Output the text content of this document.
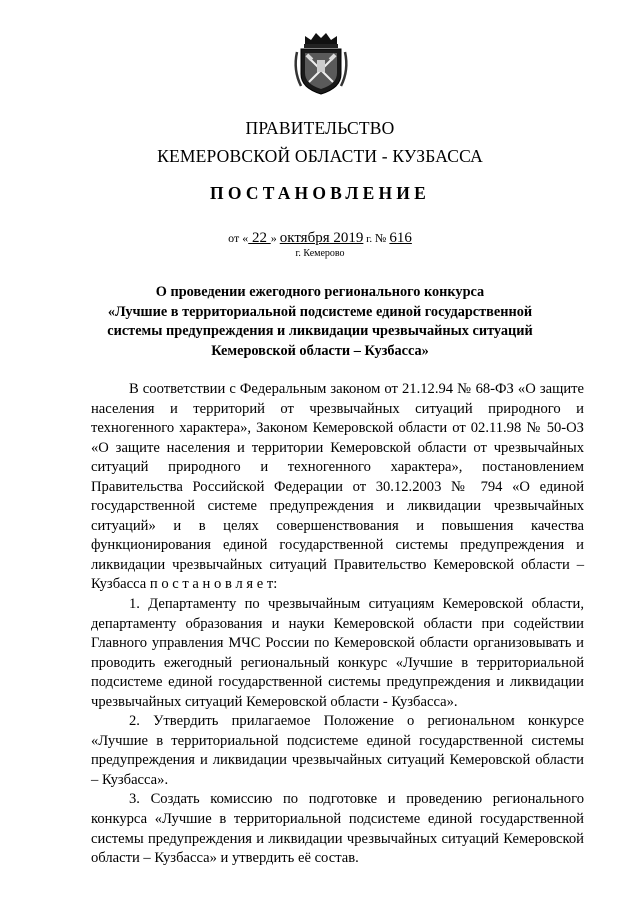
ПРАВИТЕЛЬСТВО
КЕМЕРОВСКОЙ ОБЛАСТИ - КУЗБАССА
ПОСТАНОВЛЕНИЕ
от « 22 » октября 2019 г. № 616
г. Кемерово
О проведении ежегодного регионального конкурса
«Лучшие в территориальной подсистеме единой государственной
системы предупреждения и ликвидации чрезвычайных ситуаций
Кемеровской области – Кузбасса»

В соответствии с Федеральным законом от 21.12.94 № 68-ФЗ «О защите населения и территорий от чрезвычайных ситуаций природного и техногенного характера», Законом Кемеровской области от 02.11.98 № 50-ОЗ «О защите населения и территории Кемеровской области от чрезвычайных ситуаций природного и техногенного характера», постановлением Правительства Российской Федерации от 30.12.2003 № 794 «О единой государственной системе предупреждения и ликвидации чрезвычайных ситуаций» и в целях совершенствования и повышения качества функционирования единой государственной системы предупреждения и ликвидации чрезвычайных ситуаций Правительство Кемеровской области – Кузбасса п о с т а н о в л я е т:

1. Департаменту по чрезвычайным ситуациям Кемеровской области, департаменту образования и науки Кемеровской области при содействии Главного управления МЧС России по Кемеровской области организовывать и проводить ежегодный региональный конкурс «Лучшие в территориальной подсистеме единой государственной системы предупреждения и ликвидации чрезвычайных ситуаций Кемеровской области - Кузбасса».

2. Утвердить прилагаемое Положение о региональном конкурсе «Лучшие в территориальной подсистеме единой государственной системы предупреждения и ликвидации чрезвычайных ситуаций Кемеровской области – Кузбасса».

3. Создать комиссию по подготовке и проведению регионального конкурса «Лучшие в территориальной подсистеме единой государственной системы предупреждения и ликвидации чрезвычайных ситуаций Кемеровской области – Кузбасса» и утвердить её состав.
